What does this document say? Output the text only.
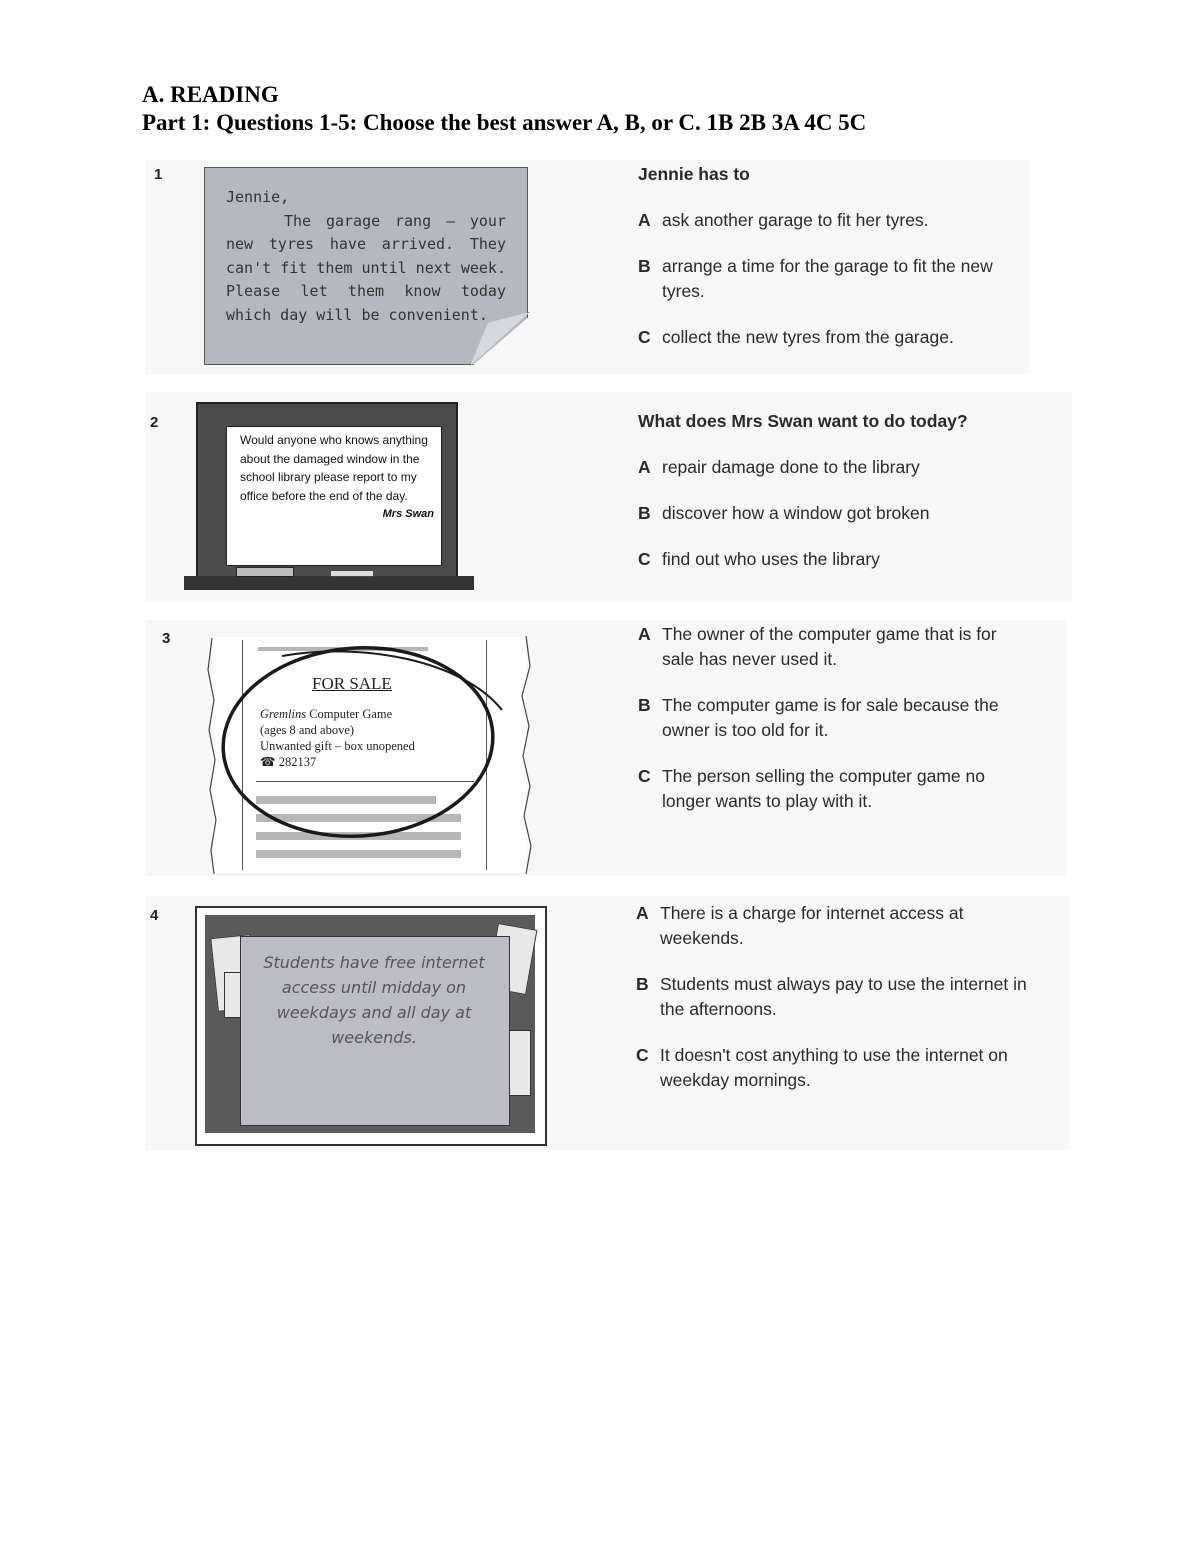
A. READING
Part 1: Questions 1-5: Choose the best answer A, B, or C. 1B 2B 3A 4C 5C
1
Jennie,
The garage rang – your new tyres have arrived. They can't fit them until next week. Please let them know today which day will be convenient.
Jennie has to
A ask another garage to fit her tyres.
B arrange a time for the garage to fit the new tyres.
C collect the new tyres from the garage.
2
Would anyone who knows anything about the damaged window in the school library please report to my office before the end of the day.
Mrs Swan
What does Mrs Swan want to do today?
A repair damage done to the library
B discover how a window got broken
C find out who uses the library
3
FOR SALE
Gremlins Computer Game
(ages 8 and above)
Unwanted gift – box unopened
☎ 282137
A The owner of the computer game that is for sale has never used it.
B The computer game is for sale because the owner is too old for it.
C The person selling the computer game no longer wants to play with it.
4
Students have free internet access until midday on weekdays and all day at weekends.
A There is a charge for internet access at weekends.
B Students must always pay to use the internet in the afternoons.
C It doesn't cost anything to use the internet on weekday mornings.
